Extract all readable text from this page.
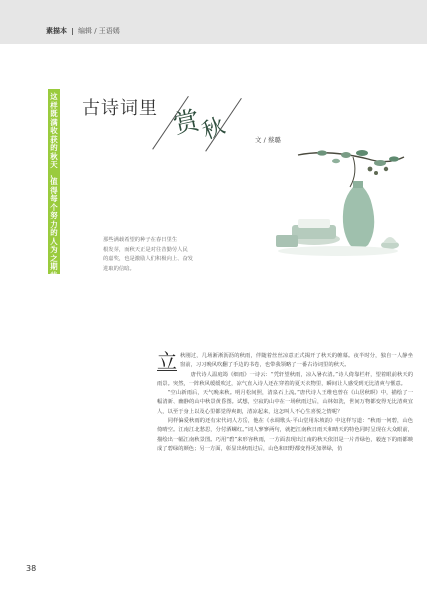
素描本 编辑 / 王语嫣
这
样
既
满
收
获
的
秋
天
，
值
得
每
个
努
力
的
人
为
之
期
待
！
古诗词里 赏
秋	文 / 蔡璐
那些满载希望的种子在春日里生
根发芽，而秋天正是对往昔勤劳人民
的嘉奖，也是激励人们积极向上、奋发
进取的信暗。

立 秋刚过，几场淅淅沥沥的秋雨，伴随着丝丝凉意正式揭开了秋天的帷幕。夜半时分，独自一人静坐窗前，习习晚风吹翻了手边的书卷，也带我领略了一番古诗词里的秋天。

唐代诗人温庭筠《细雨》一诗云：“凭轩望秋雨，凉入暑衣清。”诗人倚靠栏杆，望着眼前秋天的雨景。突然，一阵秋风缓缓吹过，凉气直入诗人还在穿着的夏天衣物里，瞬间让人感受到无比清爽与惬意。

“空山新雨后，天气晚来秋。明月松间照，清泉石上流。”唐代诗人王维也曾在《山居秋暝》中，描绘了一幅清新、幽静的山中秋景黄昏图。试想，空寂的山中在一场秋雨过后，山林如洗，世间万物都变得无比清爽宜人，以至于身上以及心里都觉得爽朗，清凉起来，这怎叫人不心生喜悦之情呢？

同样偏爱秋雨的还有宋代词人方岳，他在《水调歌头·平山堂用东坡韵》中这样写道：“秋雨一何碧，山色倚晴空。江南江北愁思，分付酒螺红。”词人寥寥两句，就把江南秋日雨天和晴天的特色同时呈现在大众眼前，描绘出一幅江南秋景图。巧用“碧”来形容秋雨，一方面表现出江南的秋天依旧是一片青绿色，毅连下的雨都映成了碧绿的颜色；另一方面，彰显出秋雨过后，山色和田野都变得更加翠绿，仿

38
